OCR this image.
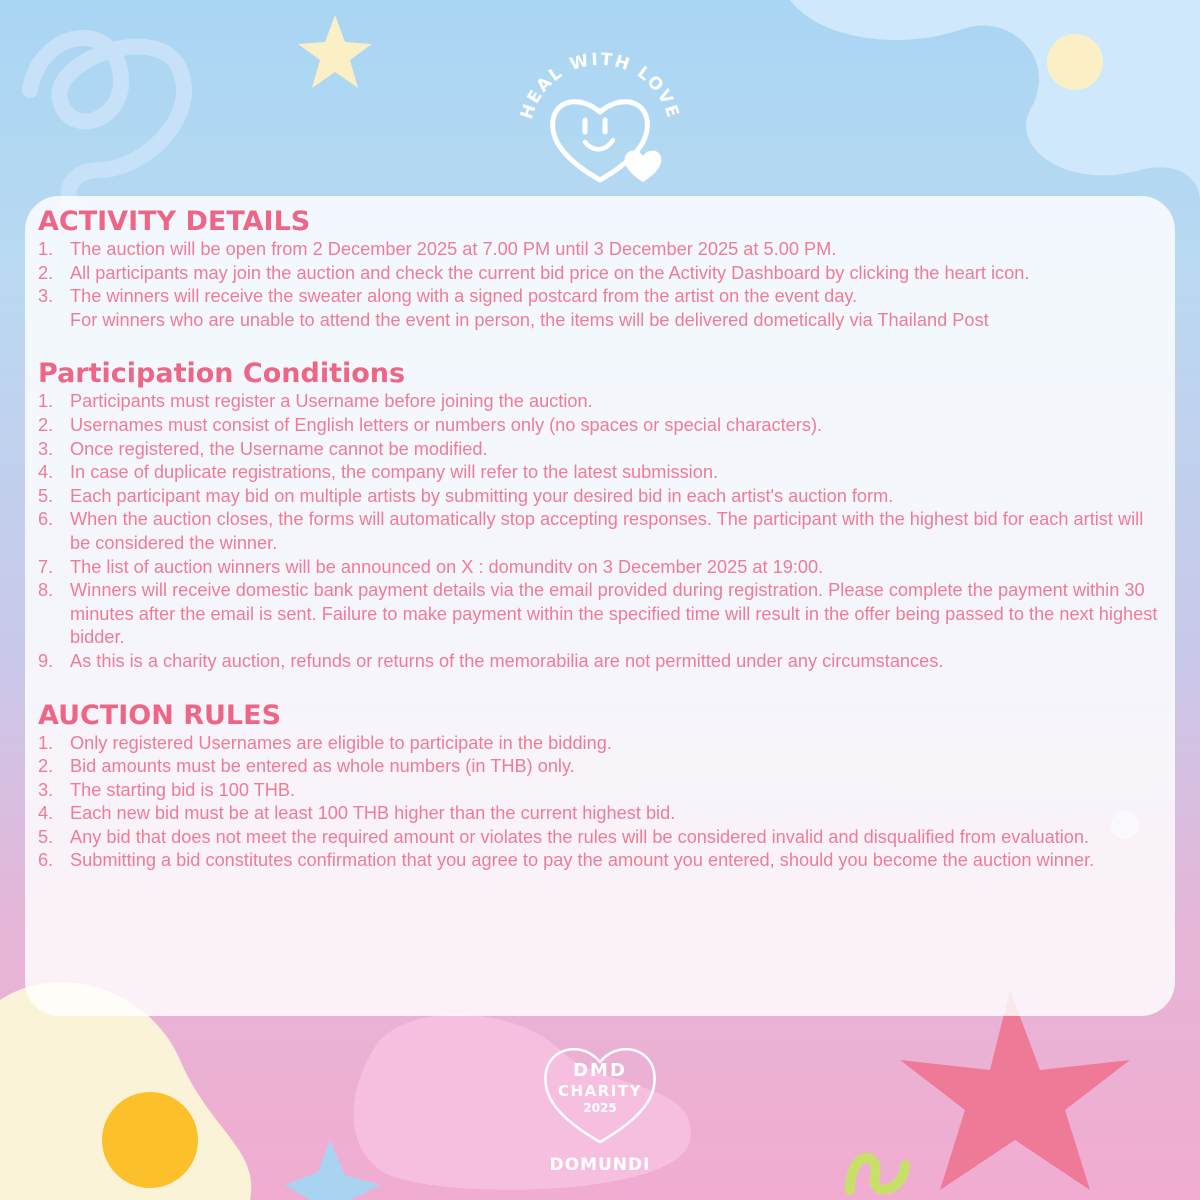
HEAL WITH LOVE
ACTIVITY DETAILS
1. The auction will be open from 2 December 2025 at 7.00 PM until 3 December 2025 at 5.00 PM.
2. All participants may join the auction and check the current bid price on the Activity Dashboard by clicking the heart icon.
3. The winners will receive the sweater along with a signed postcard from the artist on the event day.
For winners who are unable to attend the event in person, the items will be delivered dometically via Thailand Post
Participation Conditions
1. Participants must register a Username before joining the auction.
2. Usernames must consist of English letters or numbers only (no spaces or special characters).
3. Once registered, the Username cannot be modified.
4. In case of duplicate registrations, the company will refer to the latest submission.
5. Each participant may bid on multiple artists by submitting your desired bid in each artist's auction form.
6. When the auction closes, the forms will automatically stop accepting responses. The participant with the highest bid for each artist will be considered the winner.
7. The list of auction winners will be announced on X : domunditv on 3 December 2025 at 19:00.
8. Winners will receive domestic bank payment details via the email provided during registration. Please complete the payment within 30 minutes after the email is sent. Failure to make payment within the specified time will result in the offer being passed to the next highest bidder.
9. As this is a charity auction, refunds or returns of the memorabilia are not permitted under any circumstances.
AUCTION RULES
1. Only registered Usernames are eligible to participate in the bidding.
2. Bid amounts must be entered as whole numbers (in THB) only.
3. The starting bid is 100 THB.
4. Each new bid must be at least 100 THB higher than the current highest bid.
5. Any bid that does not meet the required amount or violates the rules will be considered invalid and disqualified from evaluation.
6. Submitting a bid constitutes confirmation that you agree to pay the amount you entered, should you become the auction winner.
DMD
CHARITY
2025
DOMUNDI
